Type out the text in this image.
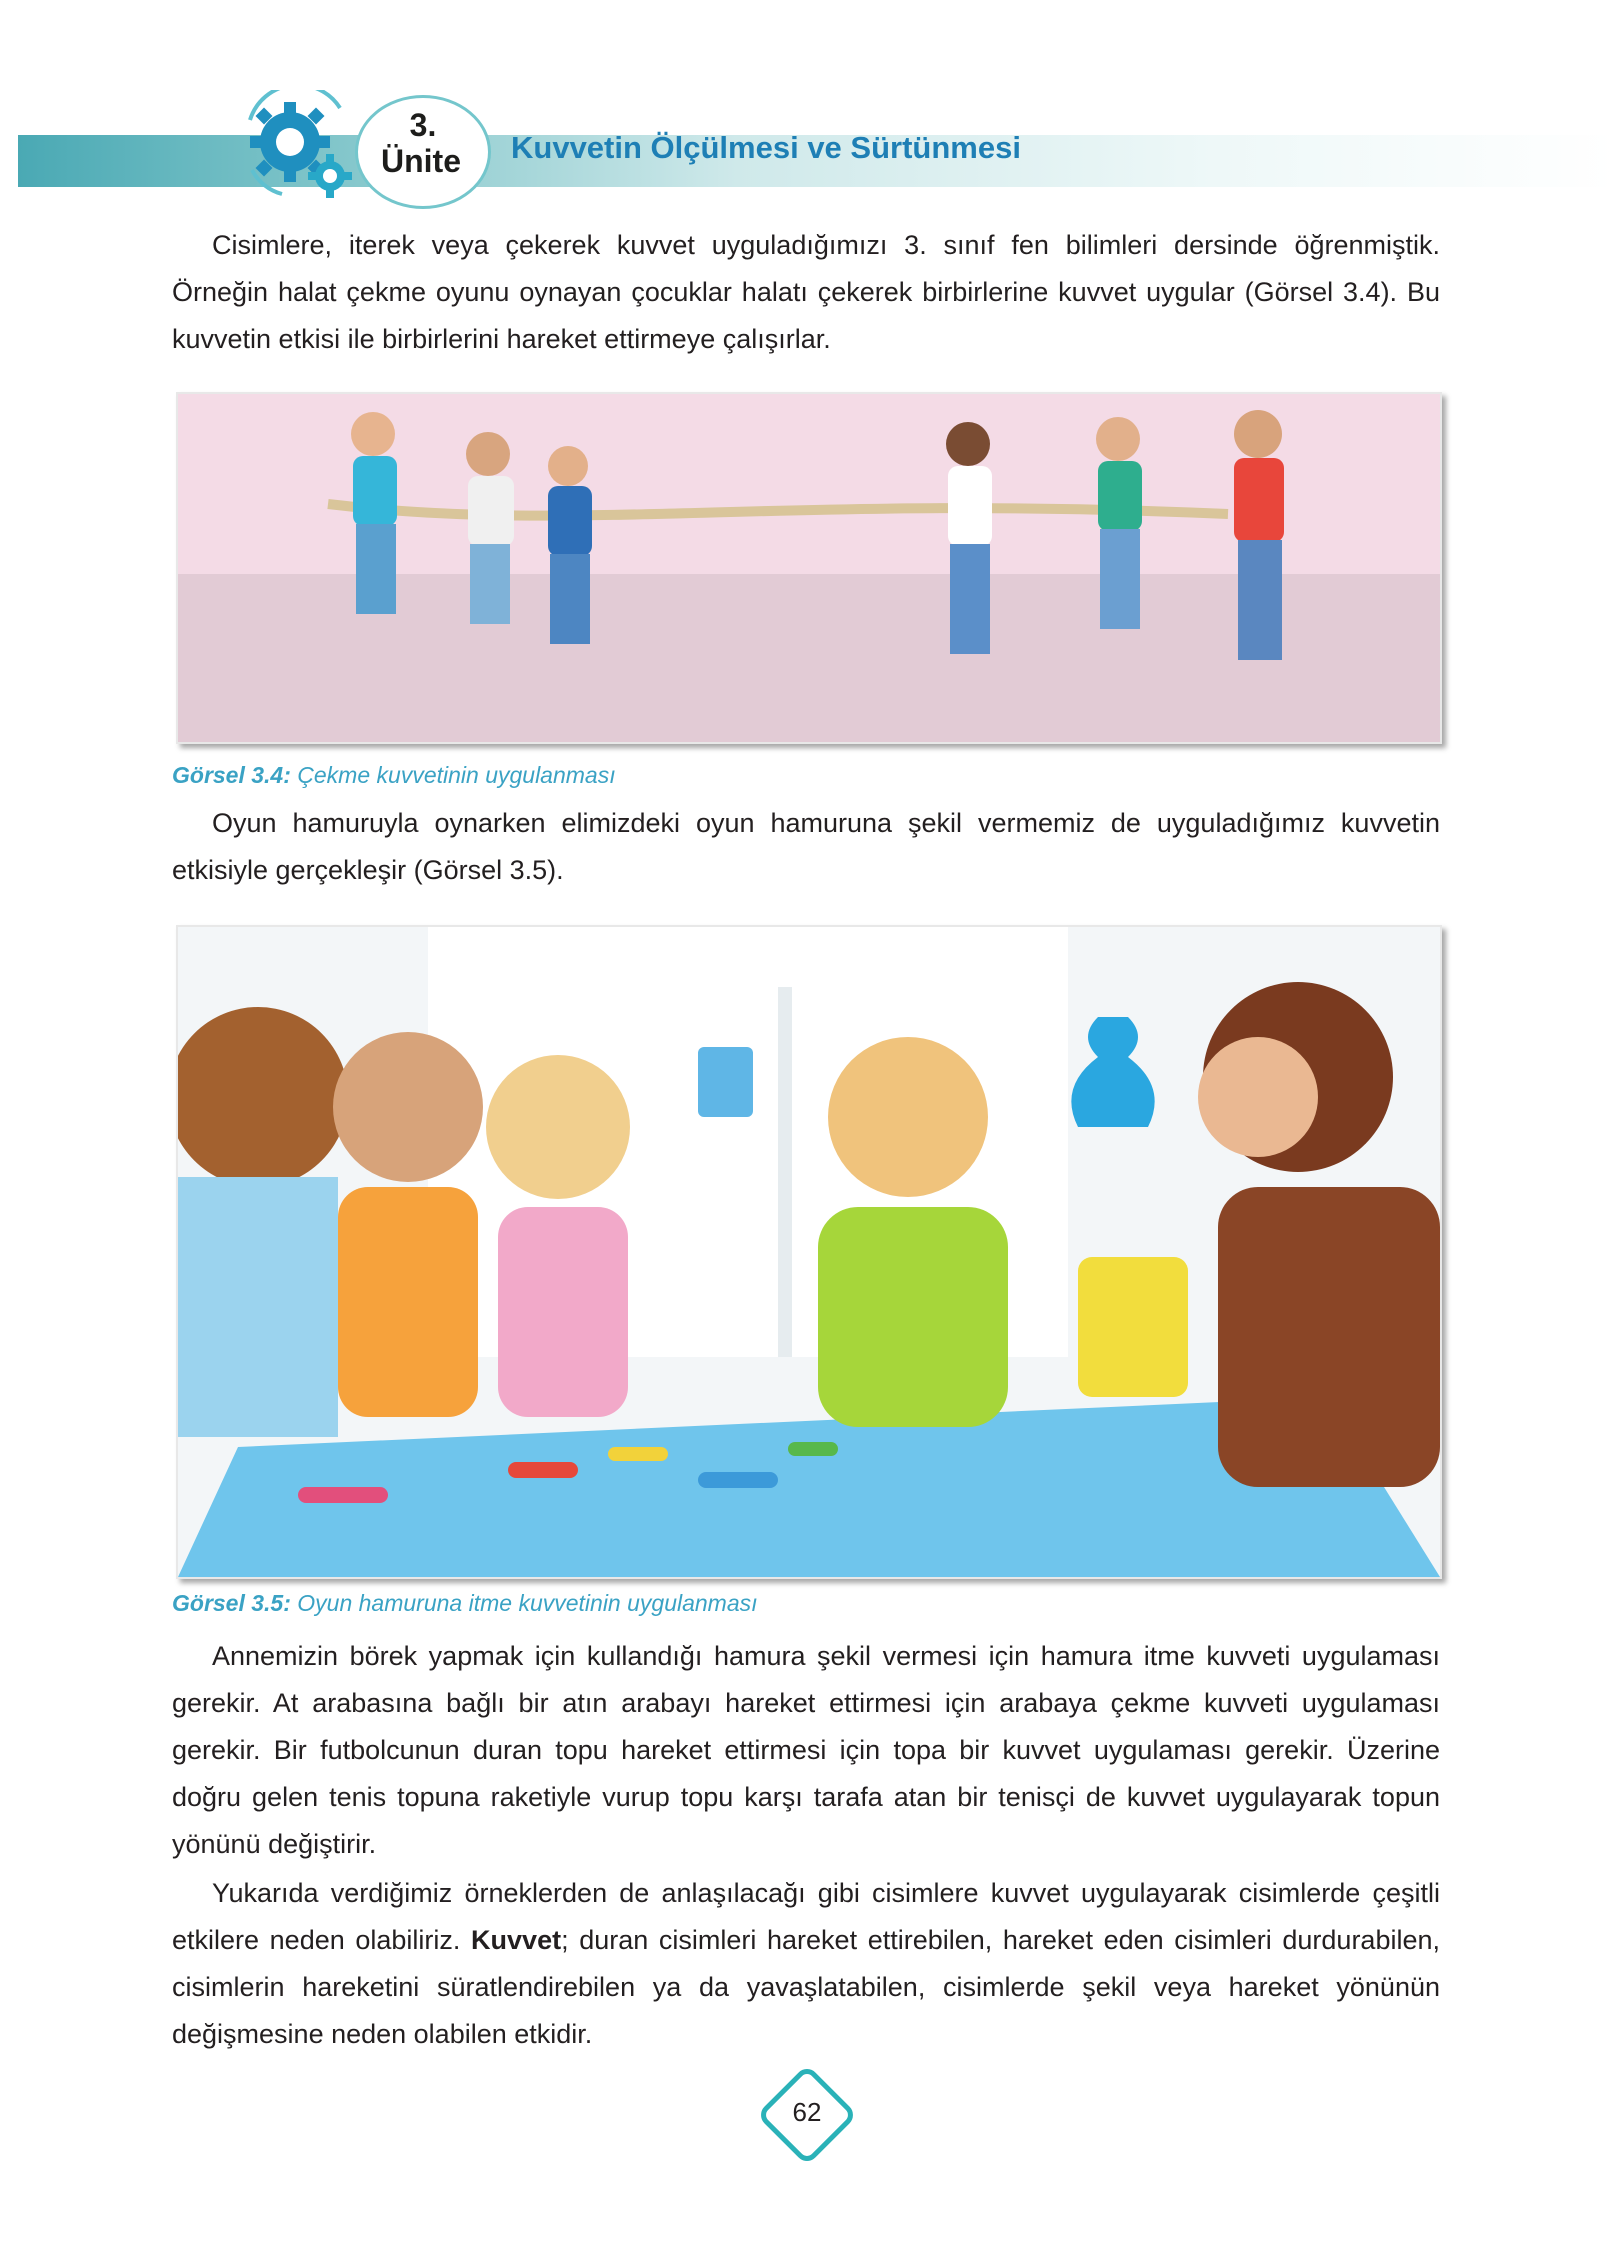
3.
Ünite	Kuvvetin Ölçülmesi ve Sürtünmesi

Cisimlere, iterek veya çekerek kuvvet uyguladığımızı 3. sınıf fen bilimleri dersinde öğrenmiştik. Örneğin halat çekme oyunu oynayan çocuklar halatı çekerek birbirlerine kuvvet uygular (Görsel 3.4). Bu kuvvetin etkisi ile birbirlerini hareket ettirmeye çalışırlar.

Görsel 3.4: Çekme kuvvetinin uygulanması

Oyun hamuruyla oynarken elimizdeki oyun hamuruna şekil vermemiz de uyguladığımız kuvvetin etkisiyle gerçekleşir (Görsel 3.5).

Görsel 3.5: Oyun hamuruna itme kuvvetinin uygulanması

Annemizin börek yapmak için kullandığı hamura şekil vermesi için hamura itme kuvveti uygulaması gerekir. At arabasına bağlı bir atın arabayı hareket ettirmesi için arabaya çekme kuvveti uygulaması gerekir. Bir futbolcunun duran topu hareket ettirmesi için topa bir kuvvet uygulaması gerekir. Üzerine doğru gelen tenis topuna raketiyle vurup topu karşı tarafa atan bir tenisçi de kuvvet uygulayarak topun yönünü değiştirir.

Yukarıda verdiğimiz örneklerden de anlaşılacağı gibi cisimlere kuvvet uygulayarak cisimlerde çeşitli etkilere neden olabiliriz. Kuvvet; duran cisimleri hareket ettirebilen, hareket eden cisimleri durdurabilen, cisimlerin hareketini süratlendirebilen ya da yavaşlatabilen, cisimlerde şekil veya hareket yönünün değişmesine neden olabilen etkidir.

62
